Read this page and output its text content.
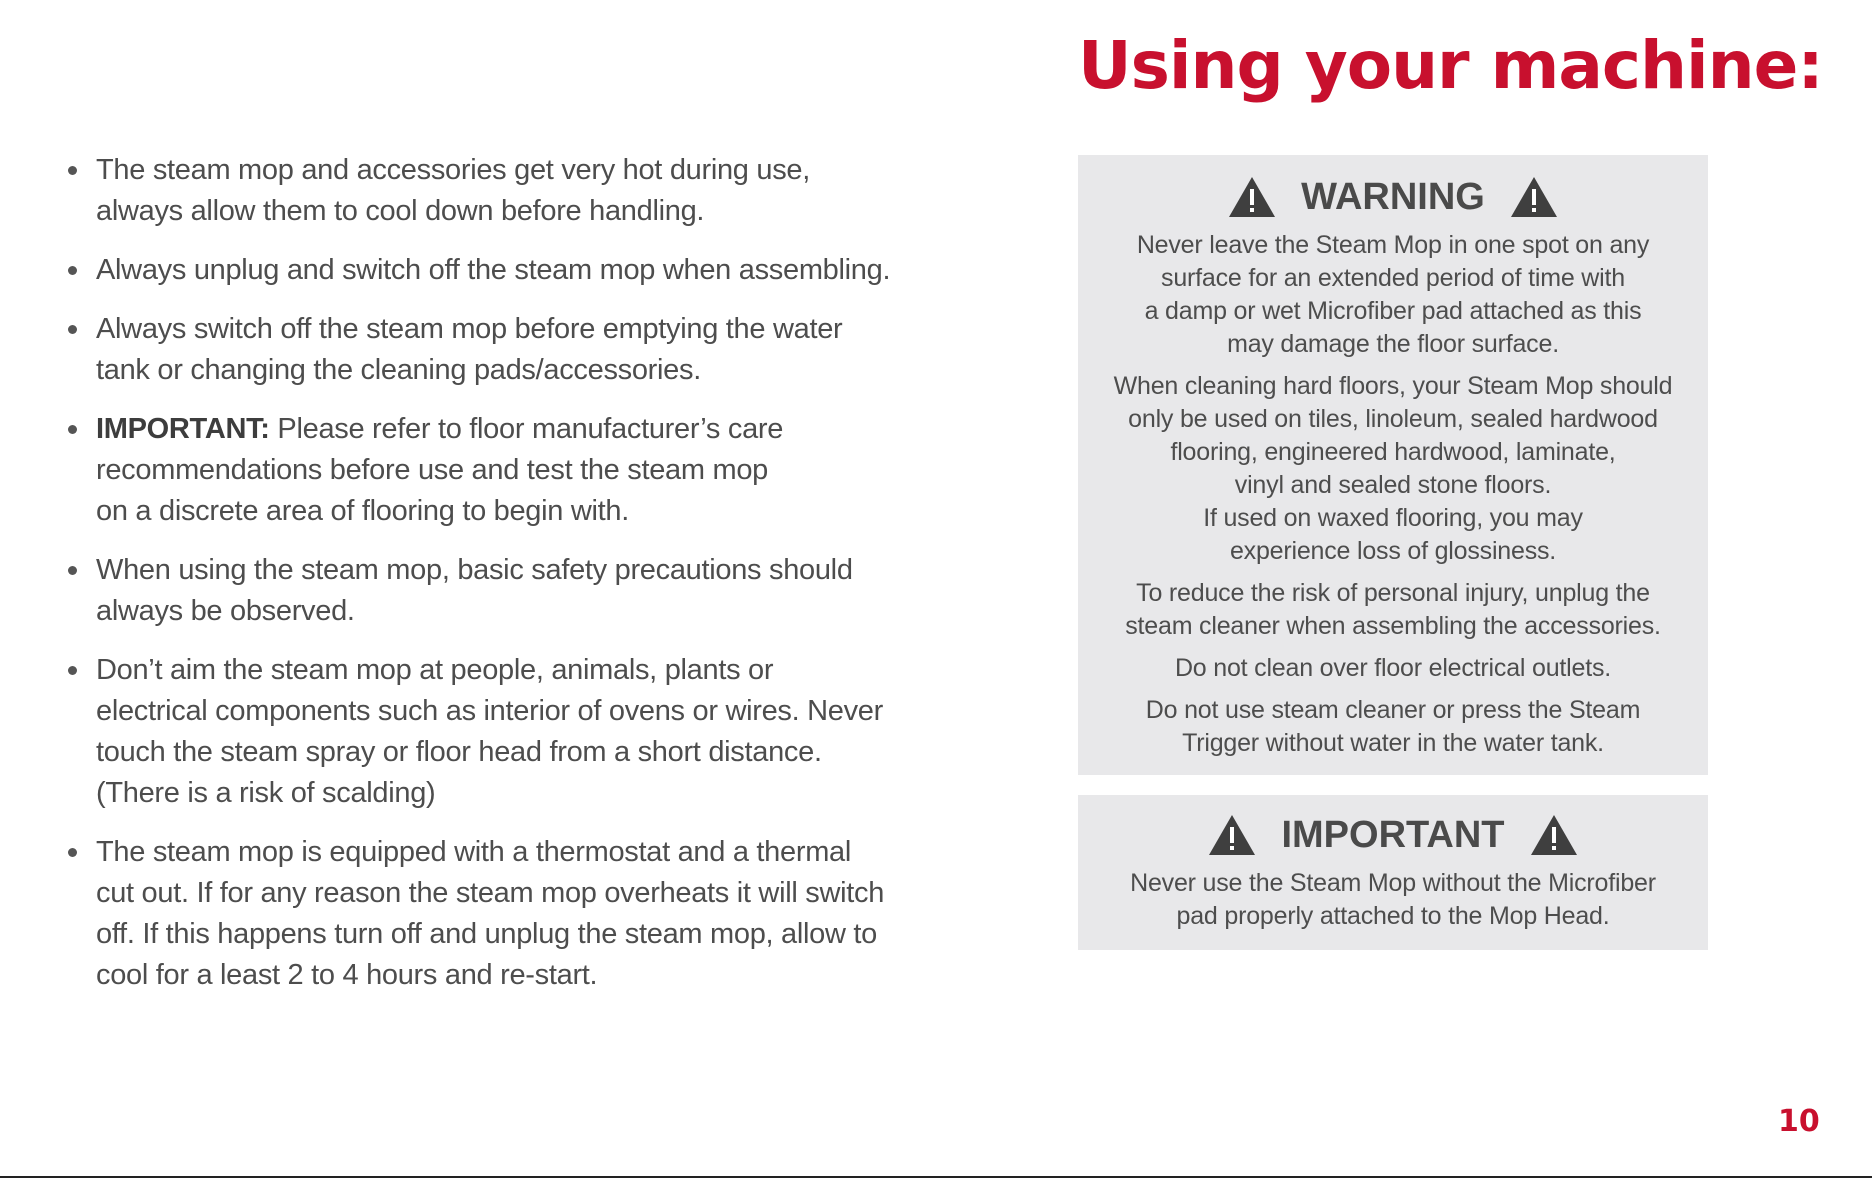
Using your machine:
The steam mop and accessories get very hot during use,
always allow them to cool down before handling.
Always unplug and switch off the steam mop when assembling.
Always switch off the steam mop before emptying the water
tank or changing the cleaning pads/accessories.
IMPORTANT: Please refer to floor manufacturer’s care
recommendations before use and test the steam mop
on a discrete area of flooring to begin with.
When using the steam mop, basic safety precautions should
always be observed.
Don’t aim the steam mop at people, animals, plants or
electrical components such as interior of ovens or wires. Never
touch the steam spray or floor head from a short distance.
(There is a risk of scalding)
The steam mop is equipped with a thermostat and a thermal
cut out. If for any reason the steam mop overheats it will switch
off. If this happens turn off and unplug the steam mop, allow to
cool for a least 2 to 4 hours and re-start.
WARNING

Never leave the Steam Mop in one spot on any
surface for an extended period of time with
a damp or wet Microfiber pad attached as this
may damage the floor surface.

When cleaning hard floors, your Steam Mop should
only be used on tiles, linoleum, sealed hardwood
flooring, engineered hardwood, laminate,
vinyl and sealed stone floors.
If used on waxed flooring, you may
experience loss of glossiness.

To reduce the risk of personal injury, unplug the
steam cleaner when assembling the accessories.

Do not clean over floor electrical outlets.

Do not use steam cleaner or press the Steam
Trigger without water in the water tank.

IMPORTANT

Never use the Steam Mop without the Microfiber
pad properly attached to the Mop Head.

10
